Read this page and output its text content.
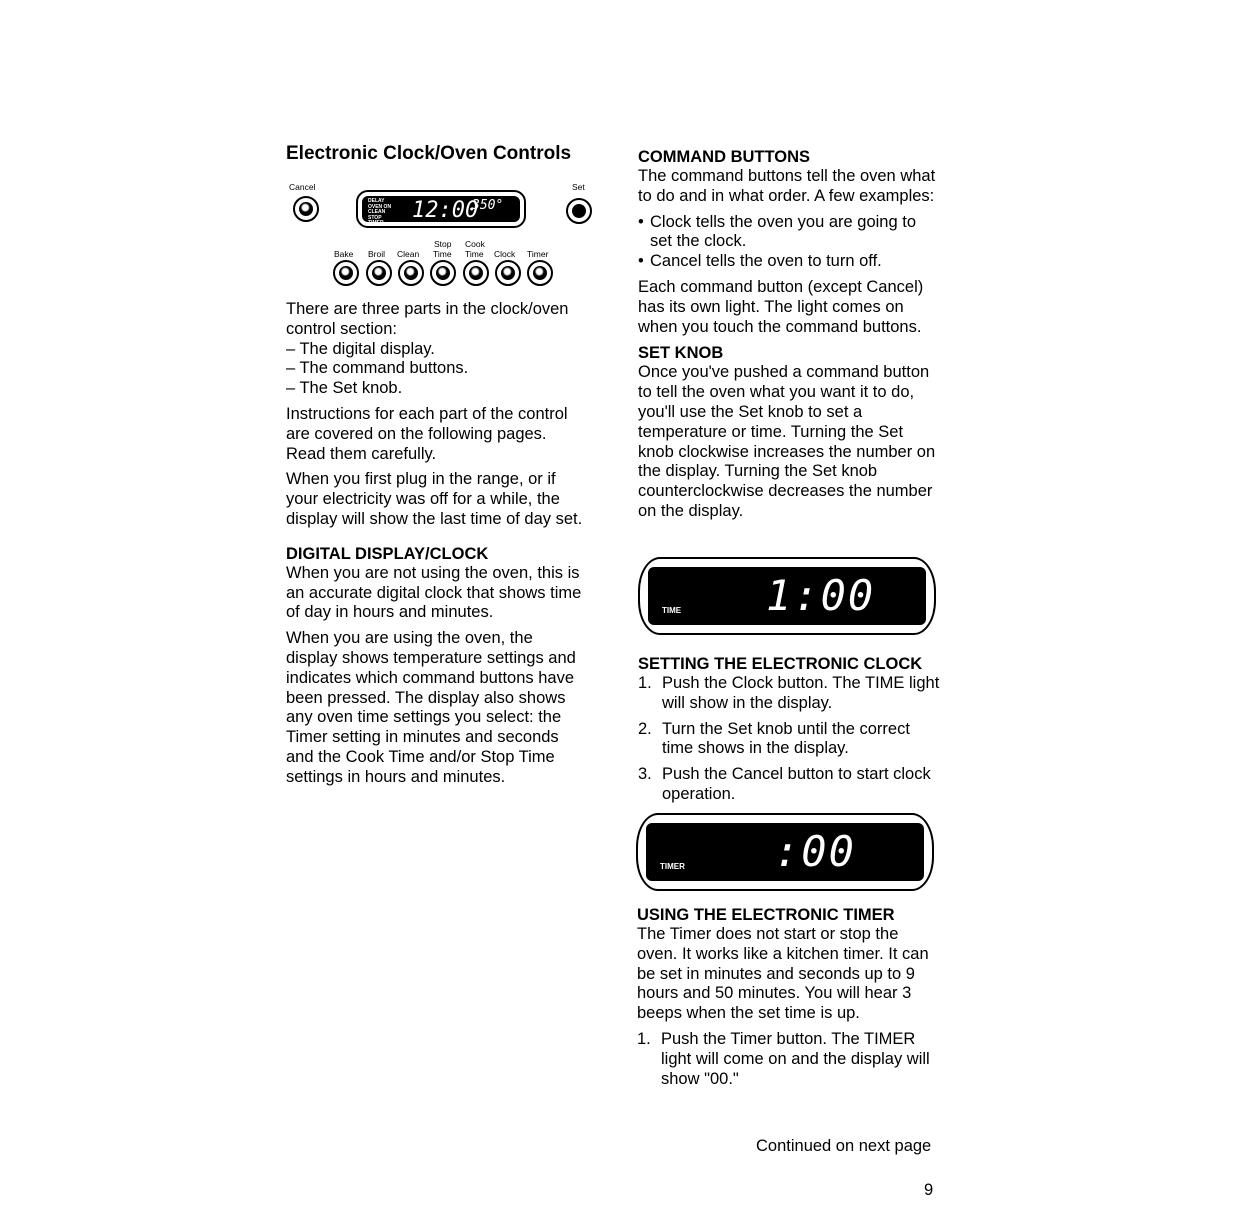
Electronic Clock/Oven Controls

Cancel
DELAY
OVEN ON
CLEAN
STOP
TIMER	12:00
350°
Set
Stop Cook
Bake Broil Clean Time Time Clock Timer
There are three parts in the clock/oven control section:
– The digital display.
– The command buttons.
– The Set knob.

Instructions for each part of the control are covered on the following pages. Read them carefully.

When you first plug in the range, or if your electricity was off for a while, the display will show the last time of day set.

DIGITAL DISPLAY/CLOCK

When you are not using the oven, this is an accurate digital clock that shows time of day in hours and minutes.

When you are using the oven, the display shows temperature settings and indicates which command buttons have been pressed. The display also shows any oven time settings you select: the Timer setting in minutes and seconds and the Cook Time and/or Stop Time settings in hours and minutes.

COMMAND BUTTONS

The command buttons tell the oven what to do and in what order. A few examples:

• Clock tells the oven you are going to set the clock.
• Cancel tells the oven to turn off.

Each command button (except Cancel) has its own light. The light comes on when you touch the command buttons.

SET KNOB

Once you've pushed a command button to tell the oven what you want it to do, you'll use the Set knob to set a temperature or time. Turning the Set knob clockwise increases the number on the display. Turning the Set knob counterclockwise decreases the number on the display.

TIME 1:00

SETTING THE ELECTRONIC CLOCK

1. Push the Clock button. The TIME light will show in the display.
2. Turn the Set knob until the correct time shows in the display.
3. Push the Cancel button to start clock operation.
TIMER :00

USING THE ELECTRONIC TIMER

The Timer does not start or stop the oven. It works like a kitchen timer. It can be set in minutes and seconds up to 9 hours and 50 minutes. You will hear 3 beeps when the set time is up.

1. Push the Timer button. The TIMER light will come on and the display will show "00."
Continued on next page
9
